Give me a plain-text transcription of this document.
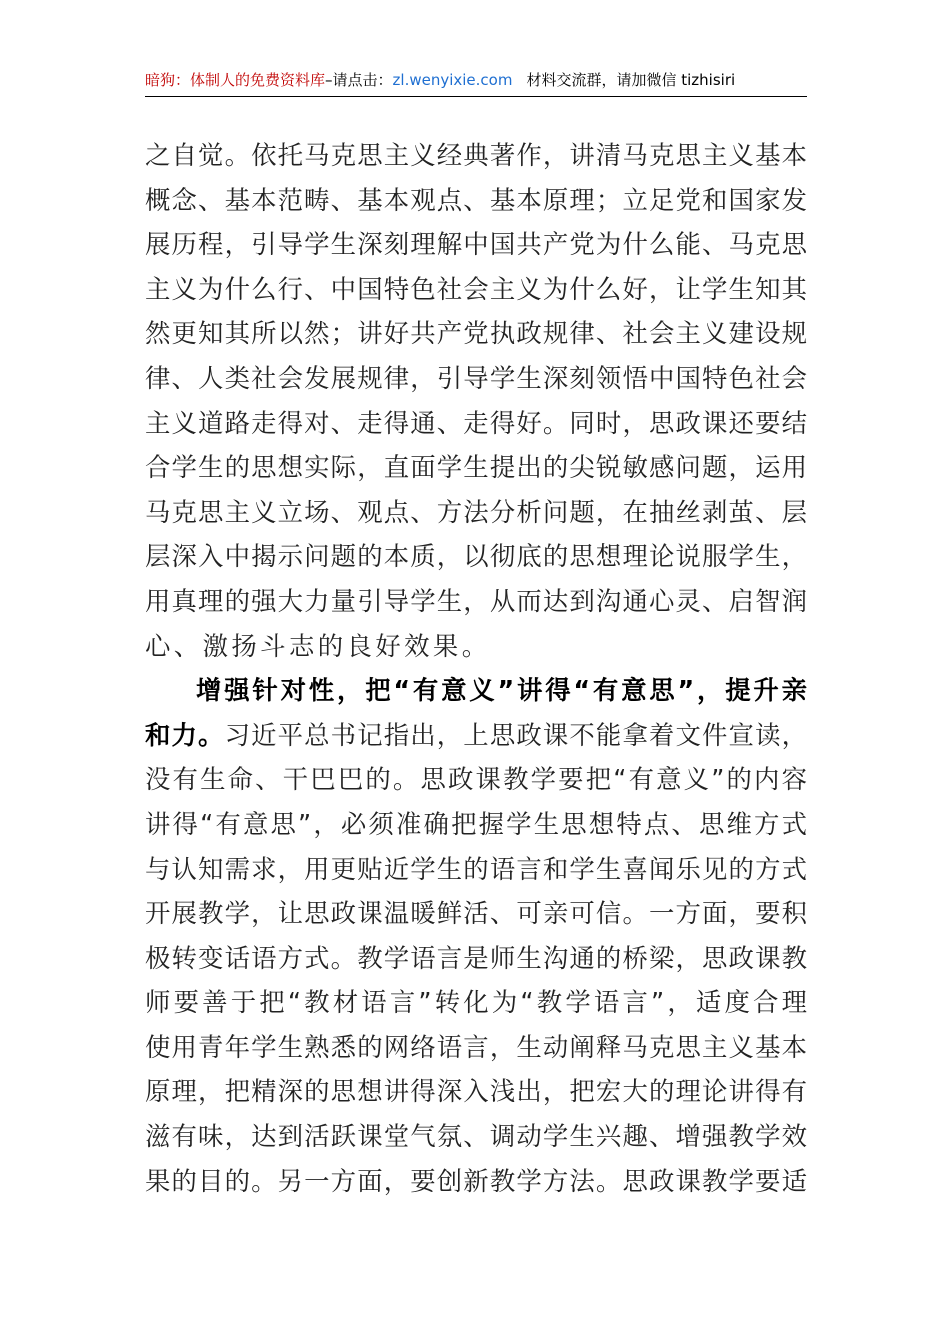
暗狗：体制人的免费资料库–请点击：zl.wenyixie.com 材料交流群，请加微信 tizhisiri
之自觉。依托马克思主义经典著作，讲清马克思主义基本
概念、基本范畴、基本观点、基本原理；立足党和国家发
展历程，引导学生深刻理解中国共产党为什么能、马克思
主义为什么行、中国特色社会主义为什么好，让学生知其
然更知其所以然；讲好共产党执政规律、社会主义建设规
律、人类社会发展规律，引导学生深刻领悟中国特色社会
主义道路走得对、走得通、走得好。同时，思政课还要结
合学生的思想实际，直面学生提出的尖锐敏感问题，运用
马克思主义立场、观点、方法分析问题，在抽丝剥茧、层
层深入中揭示问题的本质，以彻底的思想理论说服学生，
用真理的强大力量引导学生，从而达到沟通心灵、启智润
心、激扬斗志的良好效果。
增强针对性，把“有意义”讲得“有意思”，提升亲
和力。习近平总书记指出，上思政课不能拿着文件宣读，
没有生命、干巴巴的。思政课教学要把“有意义”的内容
讲得“有意思”，必须准确把握学生思想特点、思维方式
与认知需求，用更贴近学生的语言和学生喜闻乐见的方式
开展教学，让思政课温暖鲜活、可亲可信。一方面，要积
极转变话语方式。教学语言是师生沟通的桥梁，思政课教
师要善于把“教材语言”转化为“教学语言”，适度合理
使用青年学生熟悉的网络语言，生动阐释马克思主义基本
原理，把精深的思想讲得深入浅出，把宏大的理论讲得有
滋有味，达到活跃课堂气氛、调动学生兴趣、增强教学效
果的目的。另一方面，要创新教学方法。思政课教学要适
